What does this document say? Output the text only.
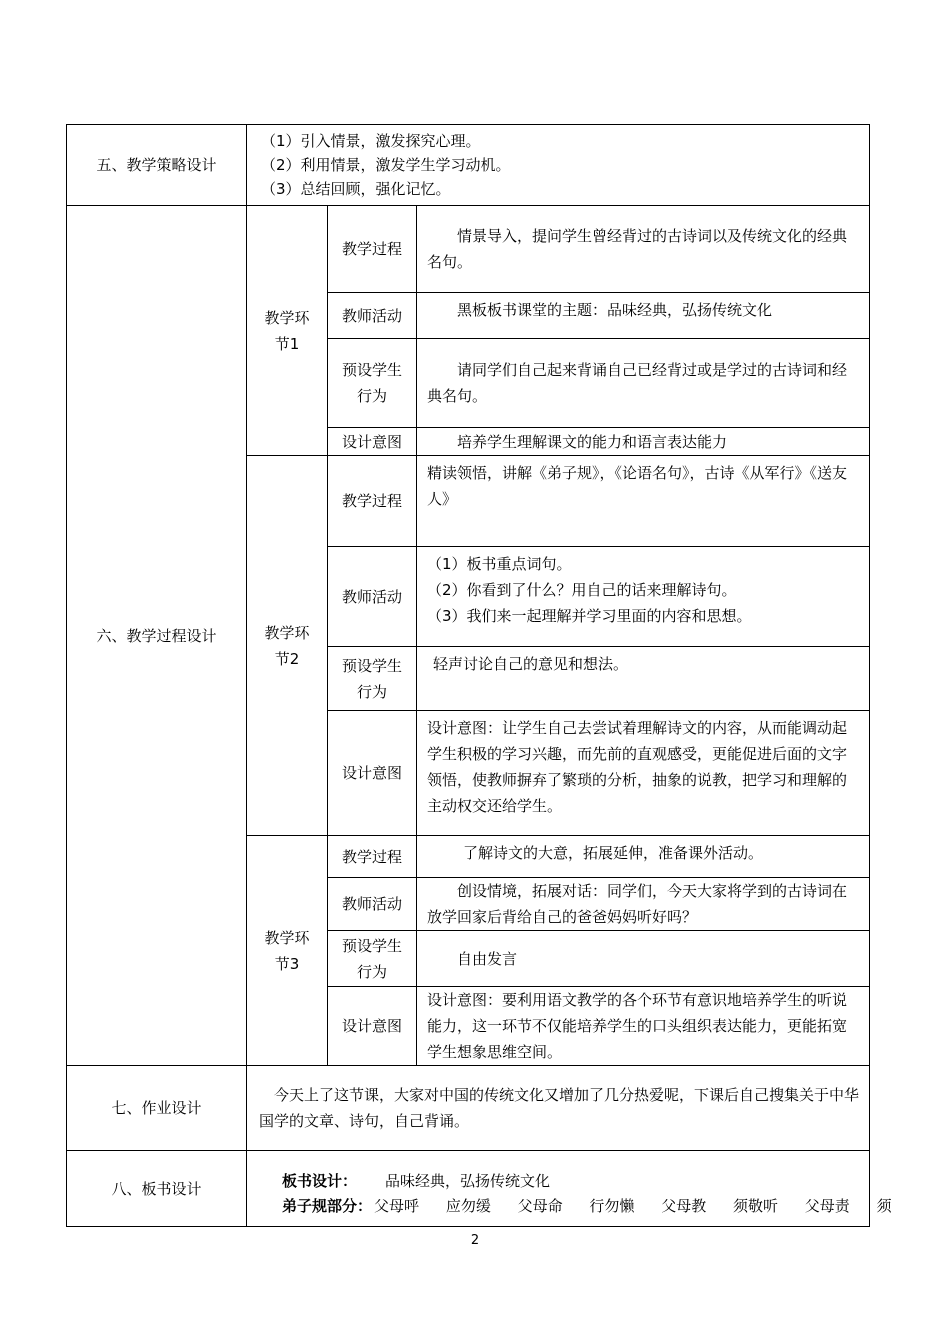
五、教学策略设计	（1）引入情景，激发探究心理。
（2）利用情景，激发学生学习动机。
（3）总结回顾，强化记忆。		

六、教学过程设计	教学环节1	教学过程	情景导入，提问学生曾经背过的古诗词以及传统文化的经典名句。
		教师活动	黑板板书课堂的主题：品味经典，弘扬传统文化
		预设学生行为	请同学们自己起来背诵自己已经背过或是学过的古诗词和经典名句。
		设计意图	培养学生理解课文的能力和语言表达能力
	教学环节2	教学过程	精读领悟，讲解《弟子规》，《论语名句》，古诗《从军行》《送友人》
		教师活动	（1）板书重点词句。
（2）你看到了什么？用自己的话来理解诗句。
（3）我们来一起理解并学习里面的内容和思想。

		预设学生行为	轻声讨论自己的意见和想法。
		设计意图	设计意图：让学生自己去尝试着理解诗文的内容，从而能调动起学生积极的学习兴趣，而先前的直观感受，更能促进后面的文字领悟，使教师摒弃了繁琐的分析，抽象的说教，把学习和理解的主动权交还给学生。
	教学环节3	教学过程	了解诗文的大意，拓展延伸，准备课外活动。
		教师活动	创设情境，拓展对话：同学们，今天大家将学到的古诗词在放学回家后背给自己的爸爸妈妈听好吗？
		预设学生行为	自由发言
		设计意图	设计意图：要利用语文教学的各个环节有意识地培养学生的听说能力，这一环节不仅能培养学生的口头组织表达能力，更能拓宽学生想象思维空间。
七、作业设计	今天上了这节课，大家对中国的传统文化又增加了几分热爱呢，下课后自己搜集关于中华国学的文章、诗句，自己背诵。		
八、板书设计	板书设计： 品味经典，弘扬传统文化
弟子规部分： 父母呼 应勿缓 父母命 行勿懒 父母教 须敬听 父母责 须		
2
